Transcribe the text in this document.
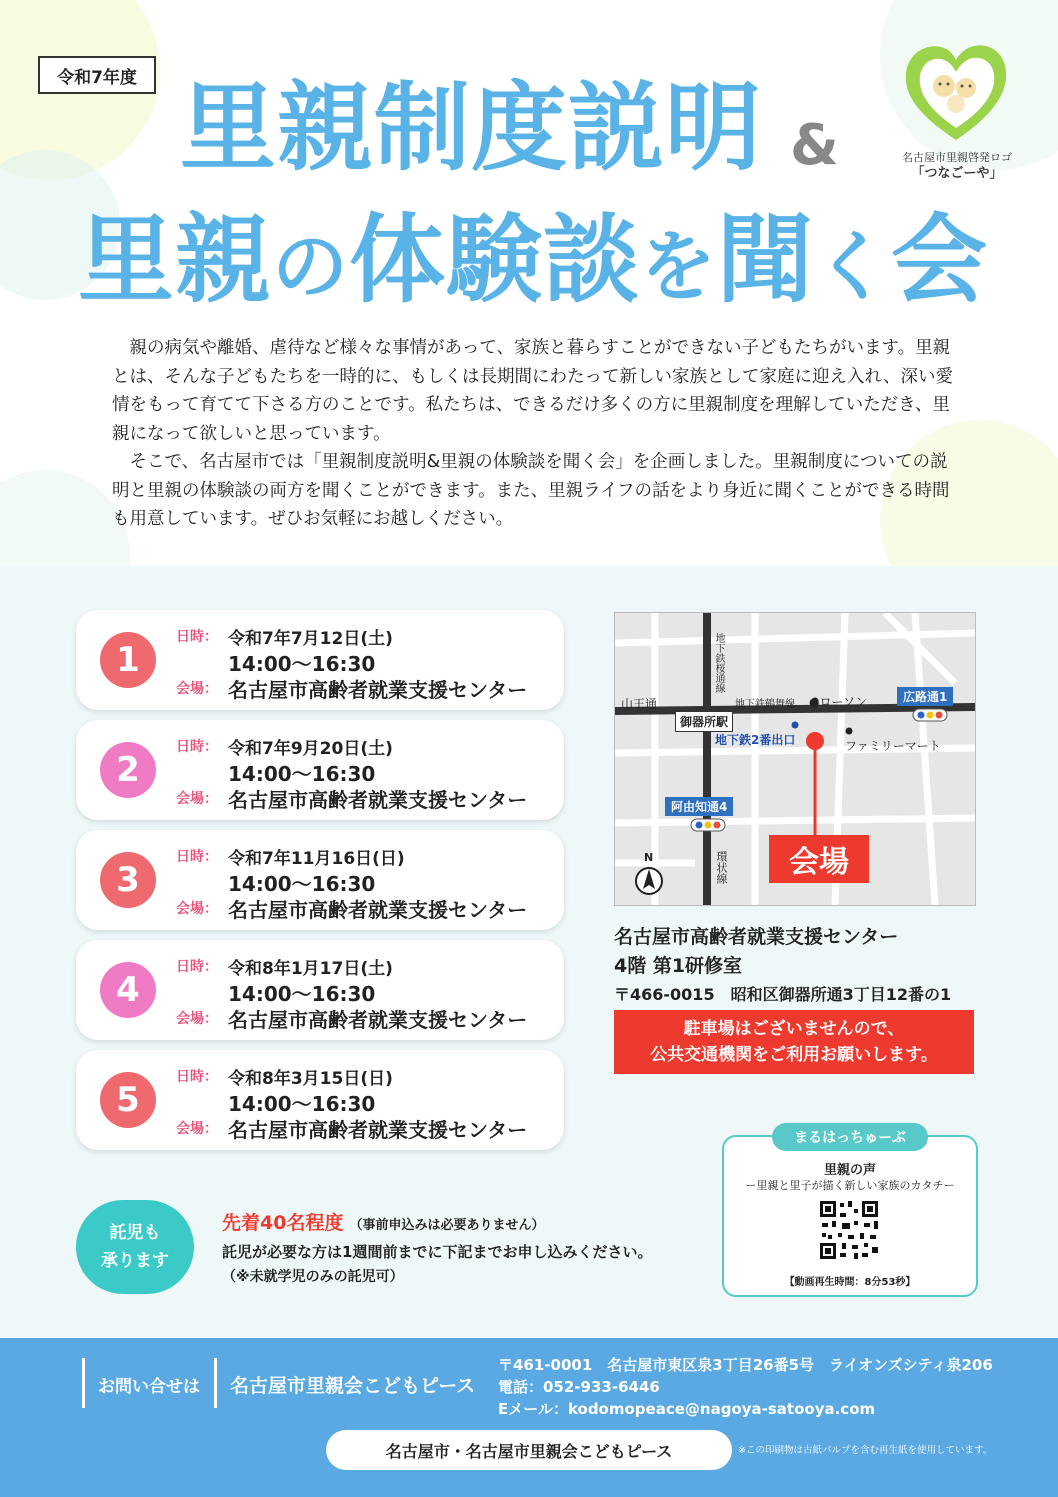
令和7年度 里親制度説明 &
里親の体験談を聞く会
名古屋市里親啓発ロゴ
「つなごーや」

親の病気や離婚、虐待など様々な事情があって、家族と暮らすことができない子どもたちがいます。里親とは、そんな子どもたちを一時的に、もしくは長期間にわたって新しい家族として家庭に迎え入れ、深い愛情をもって育てて下さる方のことです。私たちは、できるだけ多くの方に里親制度を理解していただき、里親になって欲しいと思っています。

そこで、名古屋市では「里親制度説明&里親の体験談を聞く会」を企画しました。里親制度についての説明と里親の体験談の両方を聞くことができます。また、里親ライフの話をより身近に聞くことができる時間も用意しています。ぜひお気軽にお越しください。

1
日時： 令和7年7月12日(土)
14:00〜16:30
会場： 名古屋市高齢者就業支援センター
2
日時： 令和7年9月20日(土)
14:00〜16:30
会場： 名古屋市高齢者就業支援センター
3
日時： 令和7年11月16日(日)
14:00〜16:30
会場： 名古屋市高齢者就業支援センター
4
日時： 令和8年1月17日(土)
14:00〜16:30
会場： 名古屋市高齢者就業支援センター
5
日時： 令和8年3月15日(日)
14:00〜16:30
会場： 名古屋市高齢者就業支援センター
山王通
御器所駅
地下鉄桜通線
地下鉄鶴舞線 ●ローソン	広路通1
地下鉄2番出口	ファミリーマート
阿由知通4
環状線
N	会場
名古屋市高齢者就業支援センター
4階 第1研修室
〒466-0015　昭和区御器所通3丁目12番の1
駐車場はございませんので、
公共交通機関をご利用お願いします。
まるはっちゅーぶ
里親の声
ー里親と里子が描く新しい家族のカタチー
【動画再生時間：8分53秒】
託児も
承ります
先着40名程度 （事前申込みは必要ありません）
託児が必要な方は1週間前までに下記までお申し込みください。
（※未就学児のみの託児可）
お問い合せは 名古屋市里親会こどもピース
〒461-0001　名古屋市東区泉3丁目26番5号　ライオンズシティ泉206
電話：052-933-6446
Eメール：kodomopeace@nagoya-satooya.com
名古屋市・名古屋市里親会こどもピース	※この印刷物は古紙パルプを含む再生紙を使用しています。
